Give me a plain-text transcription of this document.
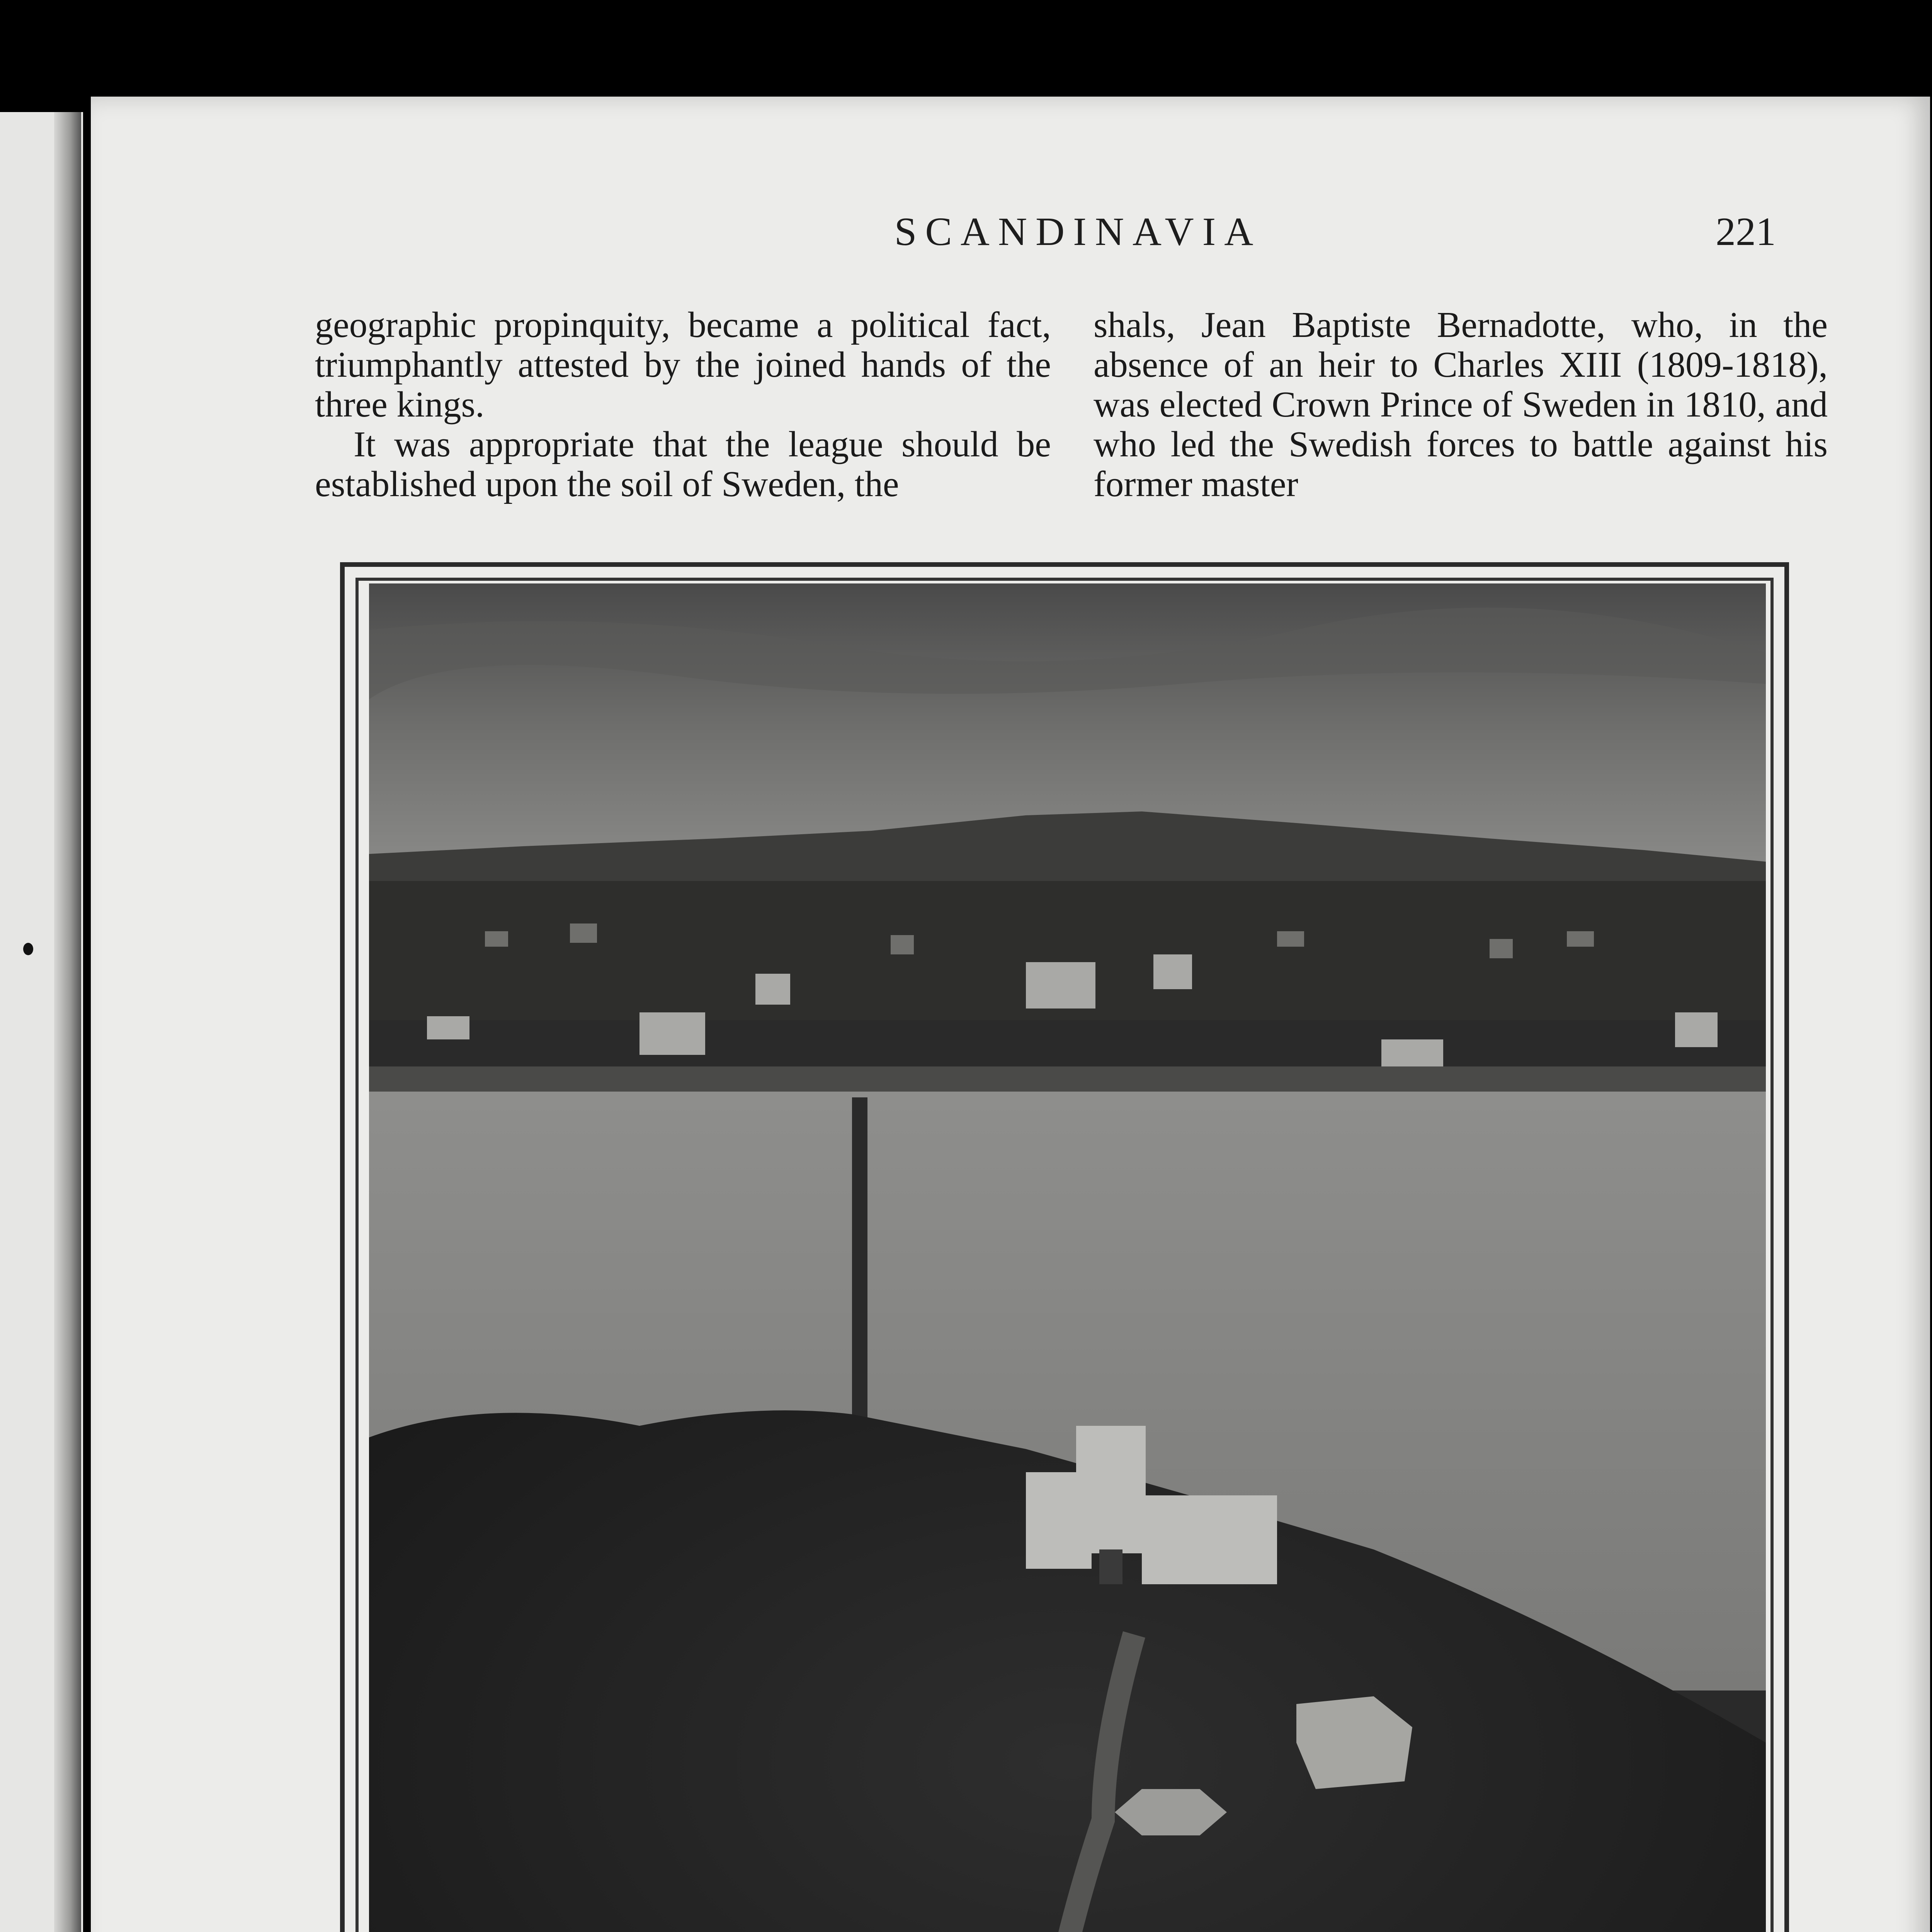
SCANDINAVIA	221

geographic propinquity, became a political fact, triumphantly attested by the joined hands of the three kings.

It was appropriate that the league should be established upon the soil of Sweden, the

shals, Jean Baptiste Bernadotte, who, in the absence of an heir to Charles XIII (1809-1818), was elected Crown Prince of Sweden in 1810, and who led the Swedish forces to battle against his former master
